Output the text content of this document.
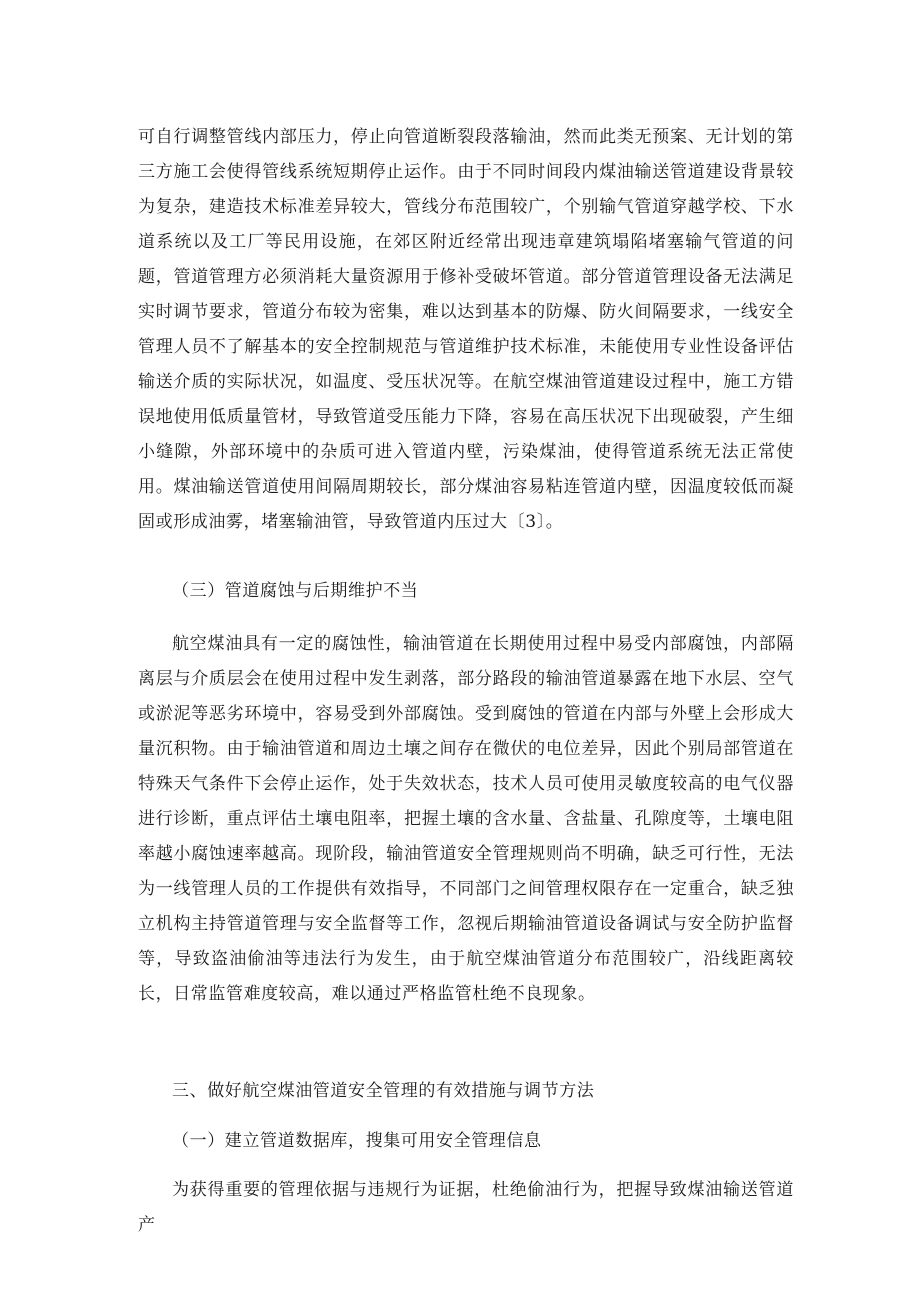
可自行调整管线内部压力，停止向管道断裂段落输油，然而此类无预案、无计划的第三方施工会使得管线系统短期停止运作。由于不同时间段内煤油输送管道建设背景较为复杂，建造技术标准差异较大，管线分布范围较广，个别输气管道穿越学校、下水道系统以及工厂等民用设施，在郊区附近经常出现违章建筑塌陷堵塞输气管道的问题，管道管理方必须消耗大量资源用于修补受破坏管道。部分管道管理设备无法满足实时调节要求，管道分布较为密集，难以达到基本的防爆、防火间隔要求，一线安全管理人员不了解基本的安全控制规范与管道维护技术标准，未能使用专业性设备评估输送介质的实际状况，如温度、受压状况等。在航空煤油管道建设过程中，施工方错误地使用低质量管材，导致管道受压能力下降，容易在高压状况下出现破裂，产生细小缝隙，外部环境中的杂质可进入管道内壁，污染煤油，使得管道系统无法正常使用。煤油输送管道使用间隔周期较长，部分煤油容易粘连管道内壁，因温度较低而凝固或形成油雾，堵塞输油管，导致管道内压过大〔3〕。

（三）管道腐蚀与后期维护不当

航空煤油具有一定的腐蚀性，输油管道在长期使用过程中易受内部腐蚀，内部隔离层与介质层会在使用过程中发生剥落，部分路段的输油管道暴露在地下水层、空气或淤泥等恶劣环境中，容易受到外部腐蚀。受到腐蚀的管道在内部与外壁上会形成大量沉积物。由于输油管道和周边土壤之间存在微伏的电位差异，因此个别局部管道在特殊天气条件下会停止运作，处于失效状态，技术人员可使用灵敏度较高的电气仪器进行诊断，重点评估土壤电阻率，把握土壤的含水量、含盐量、孔隙度等，土壤电阻率越小腐蚀速率越高。现阶段，输油管道安全管理规则尚不明确，缺乏可行性，无法为一线管理人员的工作提供有效指导，不同部门之间管理权限存在一定重合，缺乏独立机构主持管道管理与安全监督等工作，忽视后期输油管道设备调试与安全防护监督等，导致盗油偷油等违法行为发生，由于航空煤油管道分布范围较广，沿线距离较长，日常监管难度较高，难以通过严格监管杜绝不良现象。

三、做好航空煤油管道安全管理的有效措施与调节方法

（一）建立管道数据库，搜集可用安全管理信息

为获得重要的管理依据与违规行为证据，杜绝偷油行为，把握导致煤油输送管道产
